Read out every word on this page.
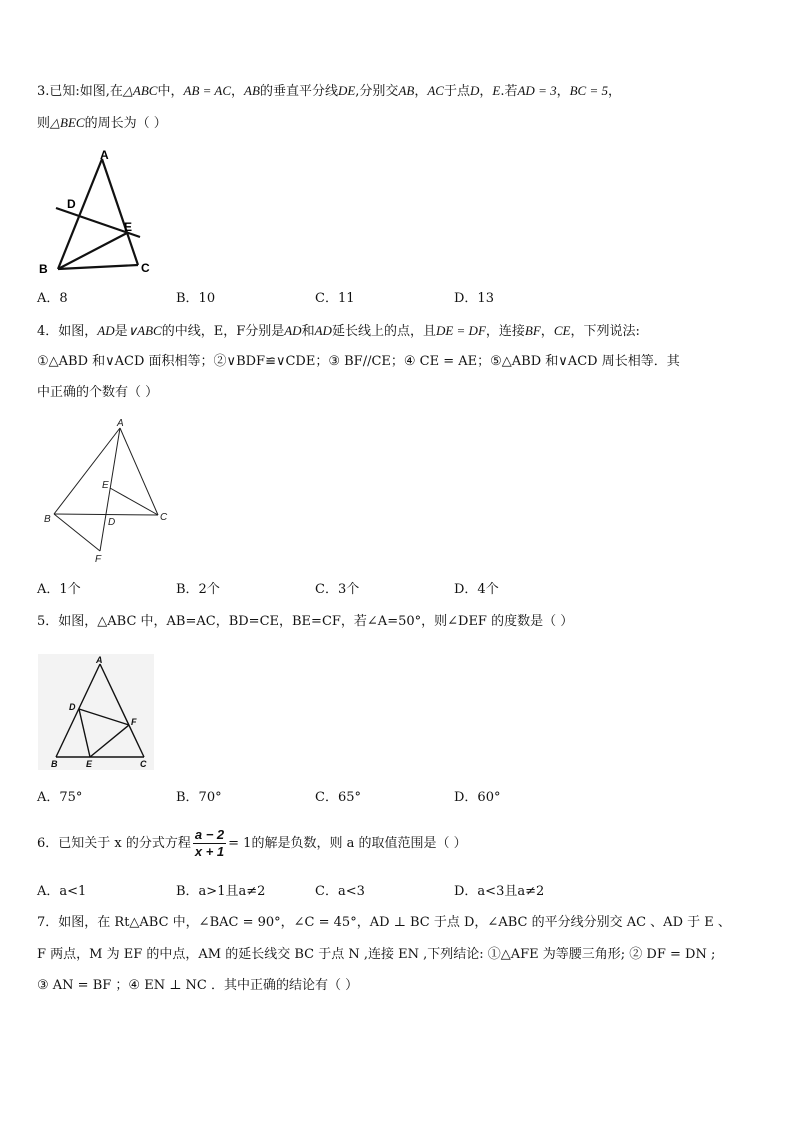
3.已知:如图,在△ABC中，AB = AC，AB的垂直平分线DE,分别交AB，AC于点D，E.若AD = 3，BC = 5，
则△BEC的周长为（ ）
A
B	C
D
E
A．8	B．10	C．11	D．13
4．如图，AD是∨ABC的中线，E，F分别是AD和AD延长线上的点，且DE = DF，连接BF，CE，下列说法:
①△ABD 和∨ACD 面积相等；②∨BDF≌∨CDE；③ BF//CE；④ CE = AE；⑤△ABD 和∨ACD 周长相等．其
中正确的个数有（ ）
A
B	C
D
E
F
A．1个	B．2个	C．3个	D．4个
5．如图，△ABC 中，AB=AC，BD=CE，BE=CF，若∠A=50°，则∠DEF 的度数是（ ）
A
B	C
D
E
F
A．75°	B．70°	C．65°	D．60°
6．已知关于 x 的分式方程 $\frac{a - 2}{x + 1} = 1$的解是负数，则 a 的取值范围是（ ）
A．a<1	B．a>1且a≠2	C．a<3	D．a<3且a≠2
7．如图，在 Rt△ABC 中，∠BAC = 90°，∠C = 45°，AD ⊥ BC 于点 D，∠ABC 的平分线分别交 AC 、AD 于 E 、
F 两点，M 为 EF 的中点，AM 的延长线交 BC 于点 N ,连接 EN ,下列结论: ①△AFE 为等腰三角形; ② DF = DN ;
③ AN = BF ；④ EN ⊥ NC ．其中正确的结论有（ ）
